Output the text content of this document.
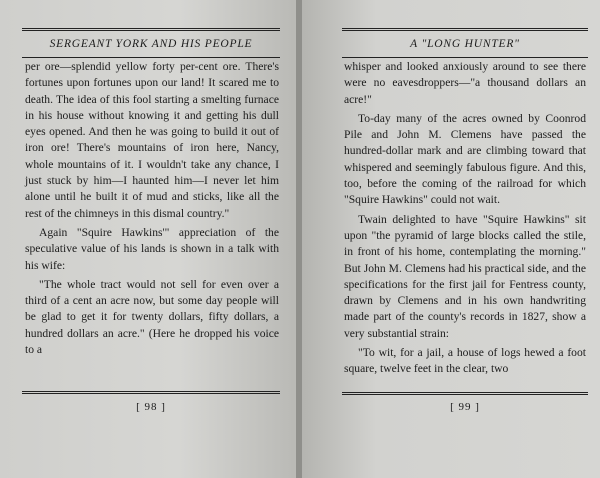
SERGEANT YORK AND HIS PEOPLE

per ore—splendid yellow forty per-cent ore. There's fortunes upon fortunes upon our land! It scared me to death. The idea of this fool starting a smelting furnace in his house without knowing it and getting his dull eyes opened. And then he was going to build it out of iron ore! There's mountains of iron here, Nancy, whole mountains of it. I wouldn't take any chance, I just stuck by him—I haunted him—I never let him alone until he built it of mud and sticks, like all the rest of the chimneys in this dismal country."

Again "Squire Hawkins'" appreciation of the speculative value of his lands is shown in a talk with his wife:

"The whole tract would not sell for even over a third of a cent an acre now, but some day people will be glad to get it for twenty dollars, fifty dollars, a hundred dollars an acre." (Here he dropped his voice to a

[ 98 ]
A "LONG HUNTER"

whisper and looked anxiously around to see there were no eavesdroppers—"a thousand dollars an acre!"

To-day many of the acres owned by Coonrod Pile and John M. Clemens have passed the hundred-dollar mark and are climbing toward that whispered and seemingly fabulous figure. And this, too, before the coming of the railroad for which "Squire Hawkins" could not wait.

Twain delighted to have "Squire Hawkins" sit upon "the pyramid of large blocks called the stile, in front of his home, contemplating the morning." But John M. Clemens had his practical side, and the specifications for the first jail for Fentress county, drawn by Clemens and in his own handwriting made part of the county's records in 1827, show a very substantial strain:

"To wit, for a jail, a house of logs hewed a foot square, twelve feet in the clear, two

[ 99 ]
